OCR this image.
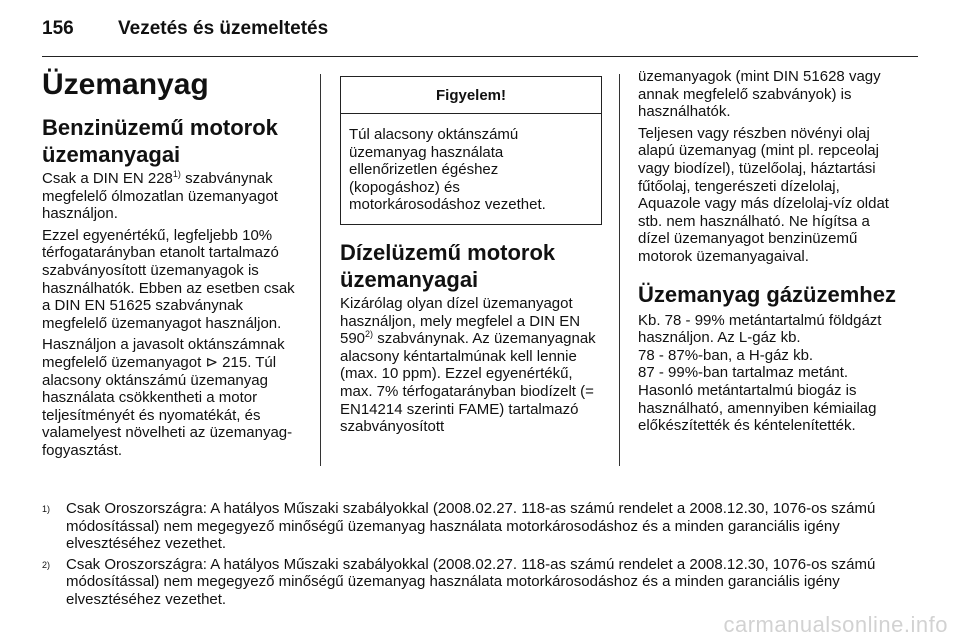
156 Vezetés és üzemeltetés
Üzemanyag
Benzinüzemű motorok üzemanyagai

Csak a DIN EN 228$^{1)}$ szabványnak megfelelő ólmozatlan üzemanyagot használjon.

Ezzel egyenértékű, legfeljebb 10% térfogatarányban etanolt tartalmazó szabványosított üzemanyagok is használhatók. Ebben az esetben csak a DIN EN 51625 szabványnak megfelelő üzemanyagot használjon.

Használjon a javasolt oktánszámnak megfelelő üzemanyagot ⊳ 215. Túl alacsony oktánszámú üzemanyag használata csökkentheti a motor teljesítményét és nyomatékát, és valamelyest növelheti az üzemanyag-fogyasztást.

Figyelem!

Túl alacsony oktánszámú üzemanyag használata ellenőrizetlen égéshez (kopogáshoz) és motorkárosodáshoz vezethet.

Dízelüzemű motorok üzemanyagai

Kizárólag olyan dízel üzemanyagot használjon, mely megfelel a DIN EN 590$^{2)}$ szabványnak. Az üzemanyagnak alacsony kéntartalmúnak kell lennie (max. 10 ppm). Ezzel egyenértékű, max. 7% térfogatarányban biodízelt (= EN14214 szerinti FAME) tartalmazó szabványosított

üzemanyagok (mint DIN 51628 vagy annak megfelelő szabványok) is használhatók.

Teljesen vagy részben növényi olaj alapú üzemanyag (mint pl. repceolaj vagy biodízel), tüzelőolaj, háztartási fűtőolaj, tengerészeti dízelolaj, Aquazole vagy más dízelolaj-víz oldat stb. nem használható. Ne hígítsa a dízel üzemanyagot benzinüzemű motorok üzemanyagaival.

Üzemanyag gázüzemhez

Kb. 78 - 99% metántartalmú földgázt használjon. Az L-gáz kb.
78 - 87%-ban, a H-gáz kb.
87 - 99%-ban tartalmaz metánt. Hasonló metántartalmú biogáz is használható, amennyiben kémiailag előkészítették és kéntelenítették.

1)	Csak Oroszországra: A hatályos Műszaki szabályokkal (2008.02.27. 118-as számú rendelet a 2008.12.30, 1076-os számú módosítással) nem megegyező minőségű üzemanyag használata motorkárosodáshoz és a minden garanciális igény elvesztéséhez vezethet.
2)	Csak Oroszországra: A hatályos Műszaki szabályokkal (2008.02.27. 118-as számú rendelet a 2008.12.30, 1076-os számú módosítással) nem megegyező minőségű üzemanyag használata motorkárosodáshoz és a minden garanciális igény elvesztéséhez vezethet.
carmanualsonline.info
